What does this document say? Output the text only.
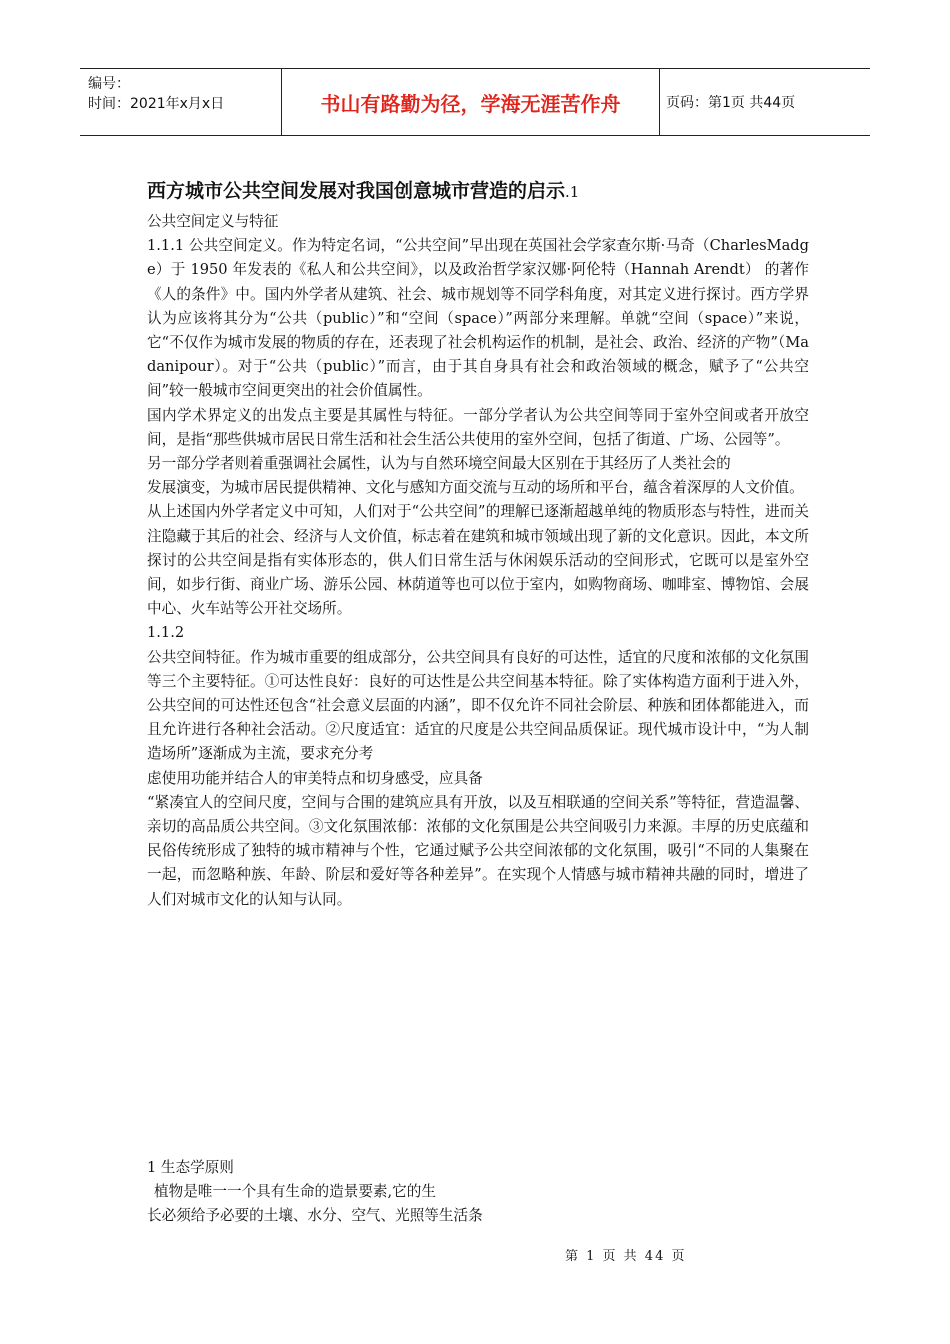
编号：
时间：2021年x月x日	书山有路勤为径，学海无涯苦作舟	页码：第1页 共44页
西方城市公共空间发展对我国创意城市营造的启示.1

公共空间定义与特征

1.1.1 公共空间定义。作为特定名词，“公共空间”早出现在英国社会学家查尔斯·马奇（CharlesMadge）于 1950 年发表的《私人和公共空间》，以及政治哲学家汉娜·阿伦特（Hannah Arendt） 的著作《人的条件》中。国内外学者从建筑、社会、城市规划等不同学科角度，对其定义进行探讨。西方学界认为应该将其分为“公共（public）”和“空间（space）”两部分来理解。单就“空间（space）”来说，它“不仅作为城市发展的物质的存在，还表现了社会机构运作的机制，是社会、政治、经济的产物”（Madanipour）。对于“公共（public）”而言，由于其自身具有社会和政治领域的概念，赋予了“公共空间”较一般城市空间更突出的社会价值属性。

国内学术界定义的出发点主要是其属性与特征。一部分学者认为公共空间等同于室外空间或者开放空间，是指“那些供城市居民日常生活和社会生活公共使用的室外空间，包括了街道、广场、公园等”。

另一部分学者则着重强调社会属性，认为与自然环境空间最大区别在于其经历了人类社会的

发展演变，为城市居民提供精神、文化与感知方面交流与互动的场所和平台，蕴含着深厚的人文价值。

从上述国内外学者定义中可知，人们对于“公共空间”的理解已逐渐超越单纯的物质形态与特性，进而关注隐藏于其后的社会、经济与人文价值，标志着在建筑和城市领域出现了新的文化意识。因此，本文所探讨的公共空间是指有实体形态的，供人们日常生活与休闲娱乐活动的空间形式，它既可以是室外空间，如步行街、商业广场、游乐公园、林荫道等也可以位于室内，如购物商场、咖啡室、博物馆、会展中心、火车站等公开社交场所。

1.1.2

公共空间特征。作为城市重要的组成部分，公共空间具有良好的可达性，适宜的尺度和浓郁的文化氛围等三个主要特征。①可达性良好：良好的可达性是公共空间基本特征。除了实体构造方面利于进入外，公共空间的可达性还包含“社会意义层面的内涵”，即不仅允许不同社会阶层、种族和团体都能进入，而且允许进行各种社会活动。②尺度适宜：适宜的尺度是公共空间品质保证。现代城市设计中，“为人制造场所”逐渐成为主流，要求充分考

虑使用功能并结合人的审美特点和切身感受，应具备

“紧凑宜人的空间尺度，空间与合围的建筑应具有开放，以及互相联通的空间关系”等特征，营造温馨、亲切的高品质公共空间。③文化氛围浓郁：浓郁的文化氛围是公共空间吸引力来源。丰厚的历史底蕴和民俗传统形成了独特的城市精神与个性，它通过赋予公共空间浓郁的文化氛围，吸引“不同的人集聚在一起，而忽略种族、年龄、阶层和爱好等各种差异”。在实现个人情感与城市精神共融的同时，增进了人们对城市文化的认知与认同。

1 生态学原则

植物是唯一一个具有生命的造景要素,它的生

长必须给予必要的土壤、水分、空气、光照等生活条

第 1 页 共 44 页
